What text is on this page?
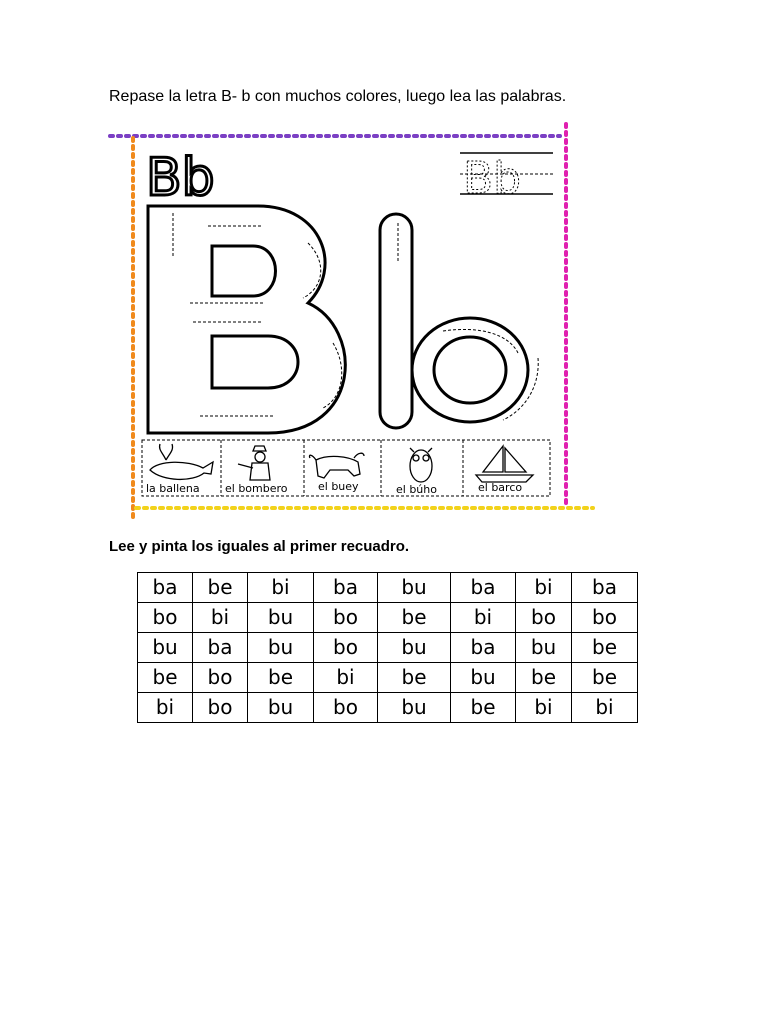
Repase la letra B- b con muchos colores, luego lea las palabras.
Bb	Bb
la ballena el bombero	el buey	el búho	el barco
Lee y pinta los iguales al primer recuadro.
ba	be	bi	ba	bu	ba	bi	ba
bo	bi	bu	bo	be	bi	bo	bo
bu	ba	bu	bo	bu	ba	bu	be
be	bo	be	bi	be	bu	be	be
bi	bo	bu	bo	bu	be	bi	bi
